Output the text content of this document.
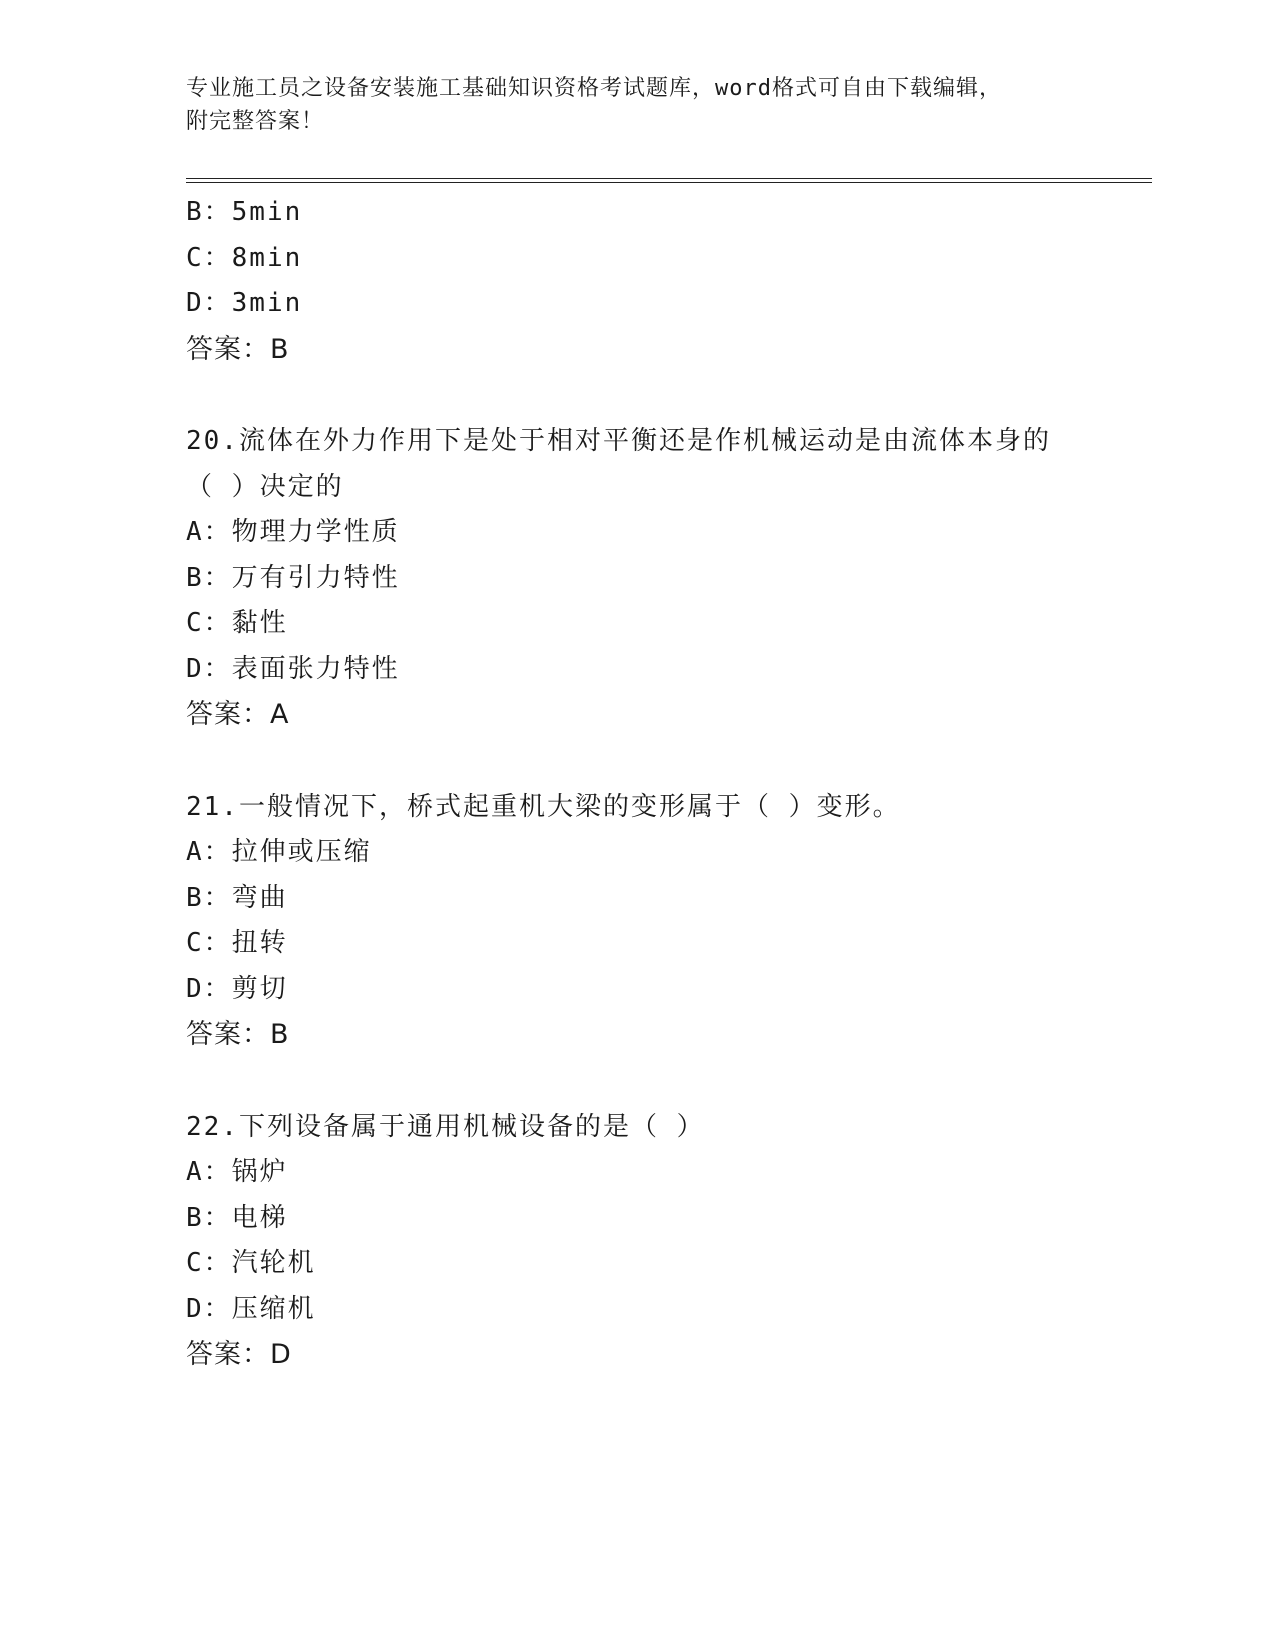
专业施工员之设备安装施工基础知识资格考试题库，word格式可自由下载编辑，
附完整答案！
B：5min
C：8min
D：3min
答案：B
20.流体在外力作用下是处于相对平衡还是作机械运动是由流体本身的
（ ）决定的
A：物理力学性质
B：万有引力特性
C：黏性
D：表面张力特性
答案：A
21.一般情况下，桥式起重机大梁的变形属于（ ）变形。
A：拉伸或压缩
B：弯曲
C：扭转
D：剪切
答案：B
22.下列设备属于通用机械设备的是（ ）
A：锅炉
B：电梯
C：汽轮机
D：压缩机
答案：D
